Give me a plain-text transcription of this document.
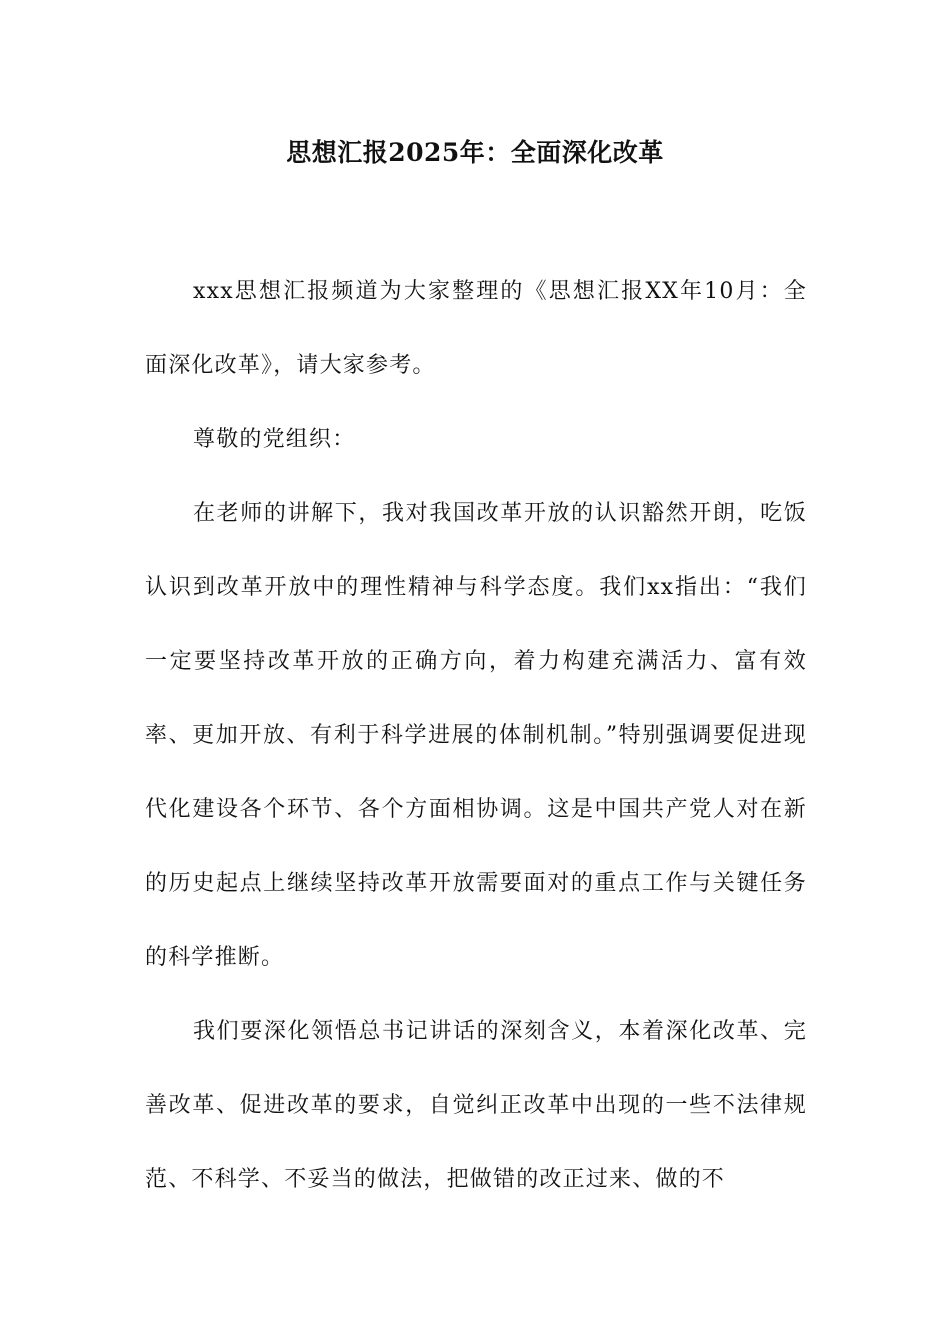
思想汇报2025年：全面深化改革

xxx思想汇报频道为大家整理的《思想汇报XX年10月：全面深化改革》，请大家参考。

尊敬的党组织：

在老师的讲解下，我对我国改革开放的认识豁然开朗，吃饭认识到改革开放中的理性精神与科学态度。我们xx指出：“我们一定要坚持改革开放的正确方向，着力构建充满活力、富有效率、更加开放、有利于科学进展的体制机制。”特别强调要促进现代化建设各个环节、各个方面相协调。这是中国共产党人对在新的历史起点上继续坚持改革开放需要面对的重点工作与关键任务的科学推断。

我们要深化领悟总书记讲话的深刻含义，本着深化改革、完善改革、促进改革的要求，自觉纠正改革中出现的一些不法律规范、不科学、不妥当的做法，把做错的改正过来、做的不
